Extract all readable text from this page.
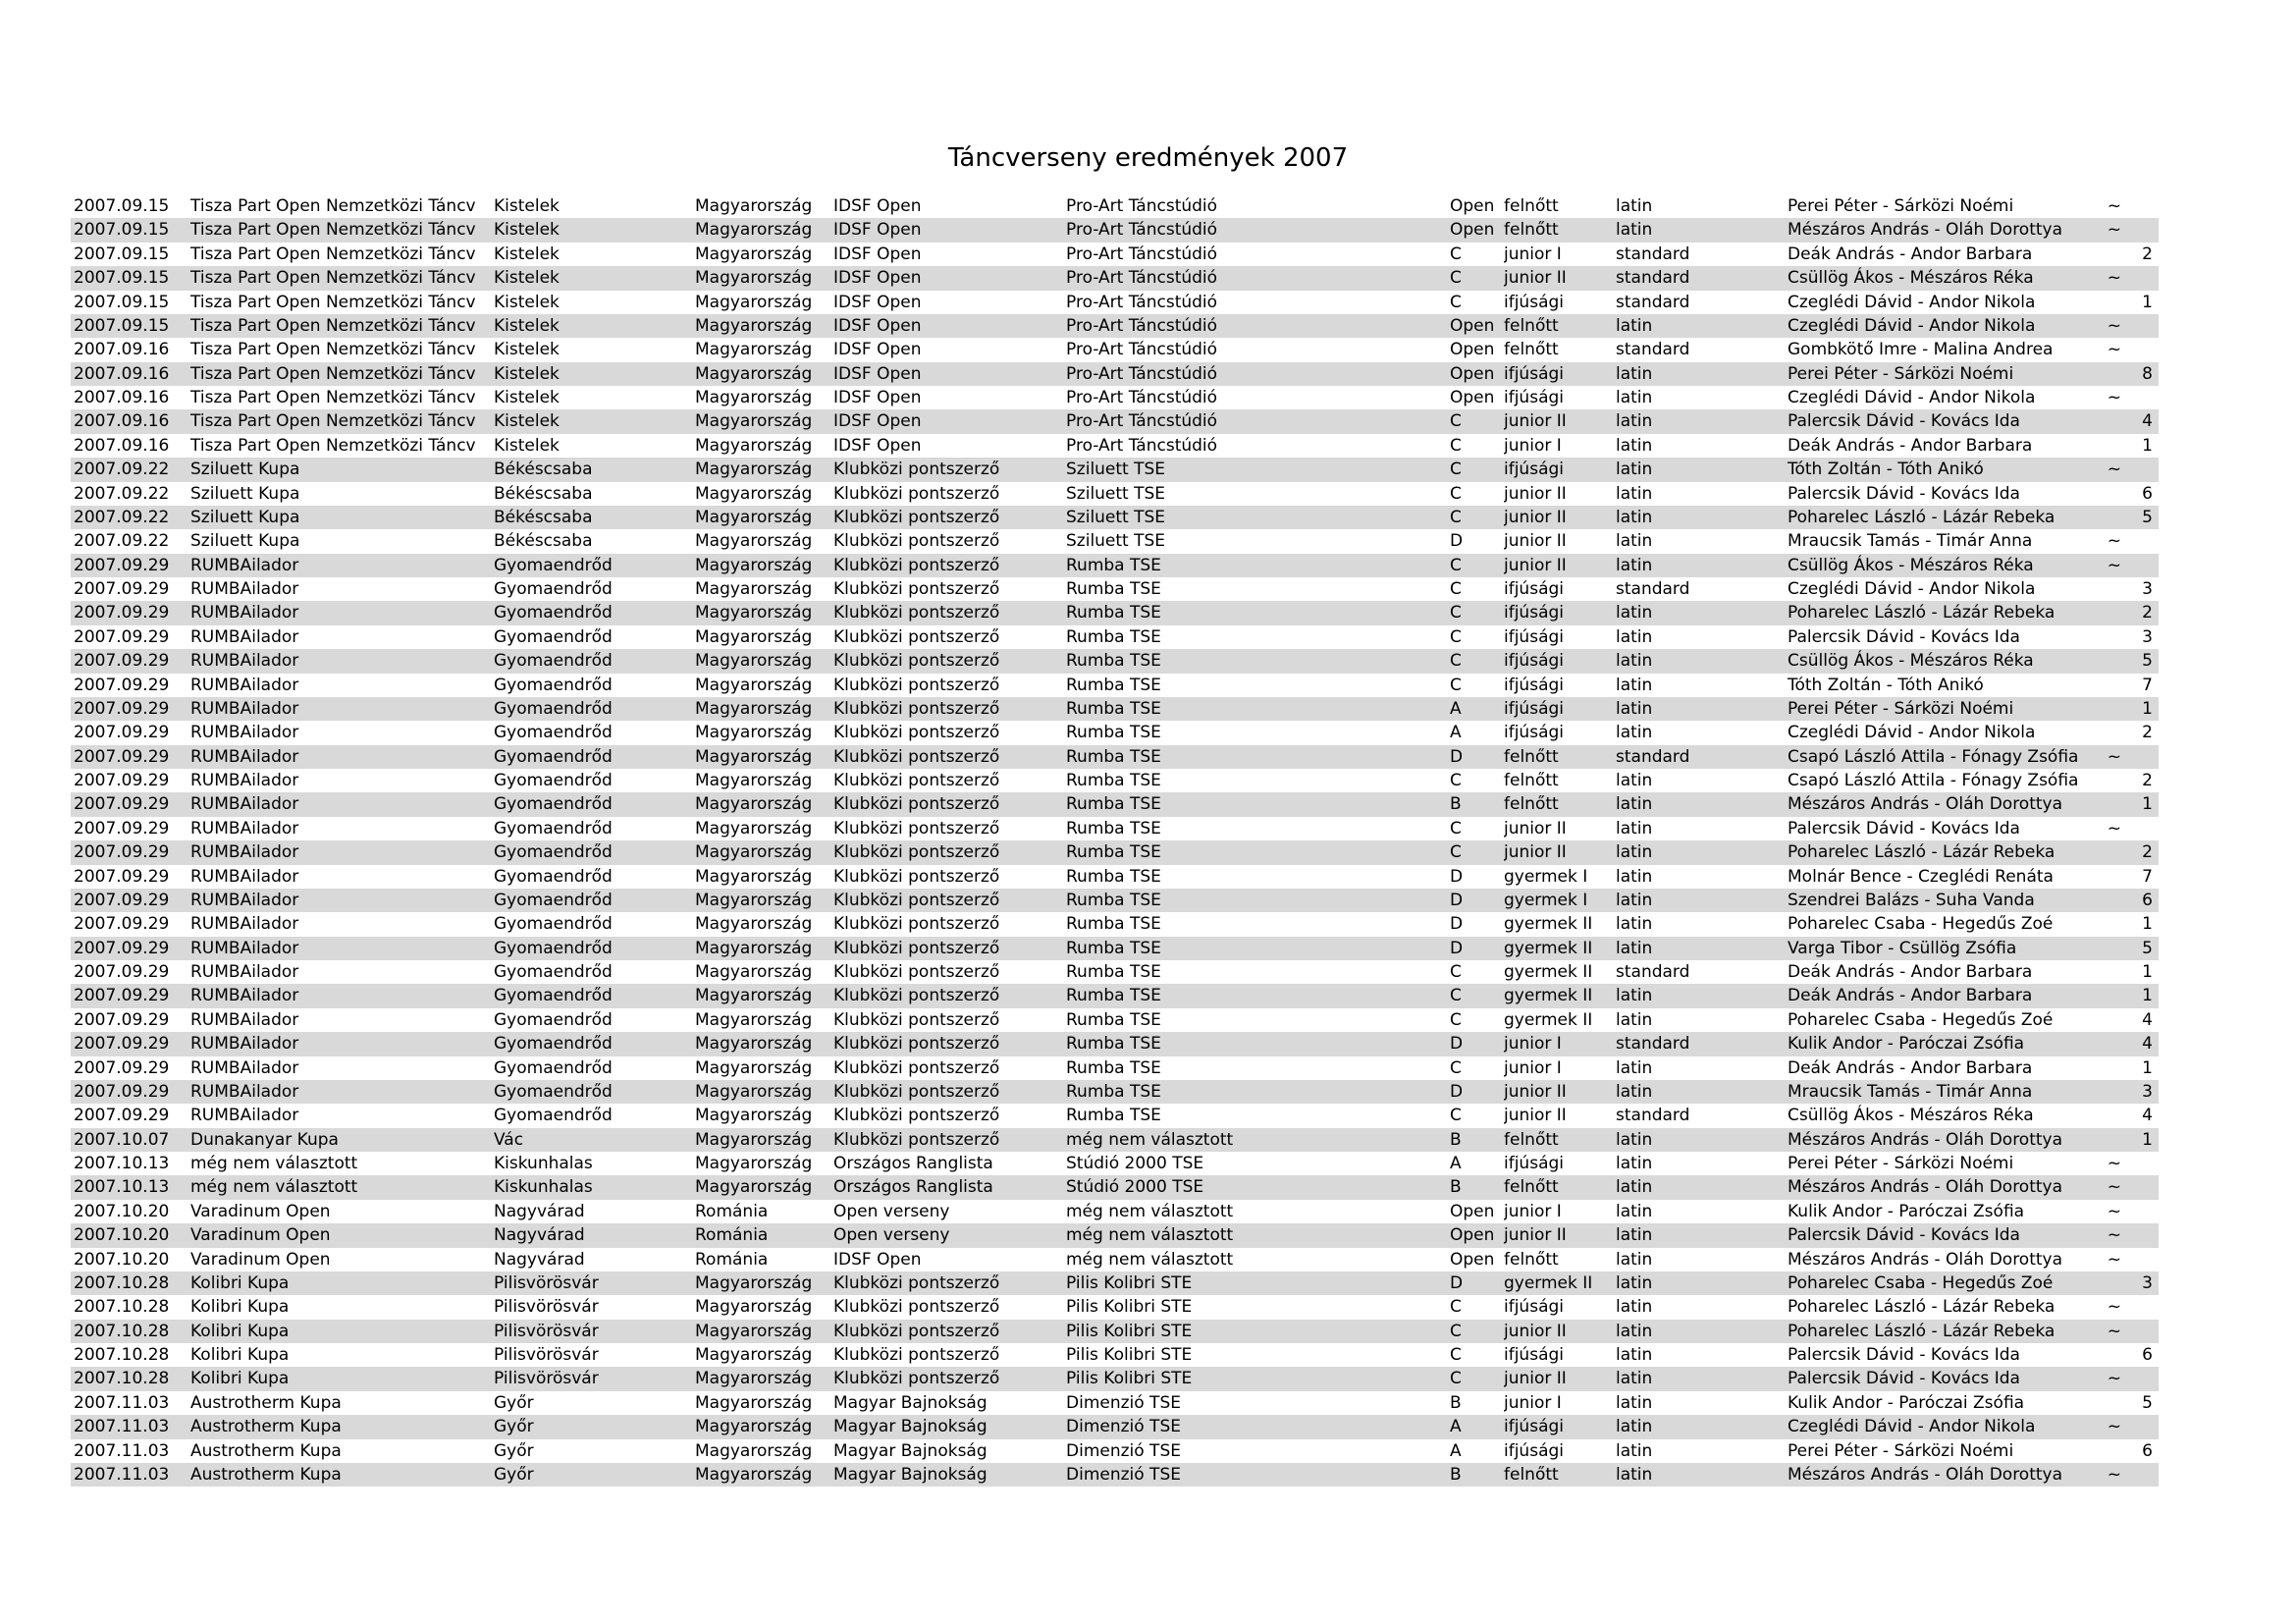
Táncverseny eredmények 2007
2007.09.15	Tisza Part Open Nemzetközi Táncv	Kistelek	Magyarország	IDSF Open	Pro-Art Táncstúdió	Open felnőtt	latin	Perei Péter - Sárközi Noémi	~
2007.09.15	Tisza Part Open Nemzetközi Táncv	Kistelek	Magyarország	IDSF Open	Pro-Art Táncstúdió	Open felnőtt	latin	Mészáros András - Oláh Dorottya	~
2007.09.15	Tisza Part Open Nemzetközi Táncv	Kistelek	Magyarország	IDSF Open	Pro-Art Táncstúdió	C	junior I	standard	Deák András - Andor Barbara	2
2007.09.15	Tisza Part Open Nemzetközi Táncv	Kistelek	Magyarország	IDSF Open	Pro-Art Táncstúdió	C	junior II	standard	Csüllög Ákos - Mészáros Réka	~
2007.09.15	Tisza Part Open Nemzetközi Táncv	Kistelek	Magyarország	IDSF Open	Pro-Art Táncstúdió	C	ifjúsági	standard	Czeglédi Dávid - Andor Nikola	1
2007.09.15	Tisza Part Open Nemzetközi Táncv	Kistelek	Magyarország	IDSF Open	Pro-Art Táncstúdió	Open felnőtt	latin	Czeglédi Dávid - Andor Nikola	~
2007.09.16	Tisza Part Open Nemzetközi Táncv	Kistelek	Magyarország	IDSF Open	Pro-Art Táncstúdió	Open felnőtt	standard	Gombkötő Imre - Malina Andrea	~
2007.09.16	Tisza Part Open Nemzetközi Táncv	Kistelek	Magyarország	IDSF Open	Pro-Art Táncstúdió	Open ifjúsági	latin	Perei Péter - Sárközi Noémi	8
2007.09.16	Tisza Part Open Nemzetközi Táncv	Kistelek	Magyarország	IDSF Open	Pro-Art Táncstúdió	Open ifjúsági	latin	Czeglédi Dávid - Andor Nikola	~
2007.09.16	Tisza Part Open Nemzetközi Táncv	Kistelek	Magyarország	IDSF Open	Pro-Art Táncstúdió	C	junior II	latin	Palercsik Dávid - Kovács Ida	4
2007.09.16	Tisza Part Open Nemzetközi Táncv	Kistelek	Magyarország	IDSF Open	Pro-Art Táncstúdió	C	junior I	latin	Deák András - Andor Barbara	1
2007.09.22	Sziluett Kupa	Békéscsaba	Magyarország	Klubközi pontszerző	Sziluett TSE	C	ifjúsági	latin	Tóth Zoltán - Tóth Anikó	~
2007.09.22	Sziluett Kupa	Békéscsaba	Magyarország	Klubközi pontszerző	Sziluett TSE	C	junior II	latin	Palercsik Dávid - Kovács Ida	6
2007.09.22	Sziluett Kupa	Békéscsaba	Magyarország	Klubközi pontszerző	Sziluett TSE	C	junior II	latin	Poharelec László - Lázár Rebeka	5
2007.09.22	Sziluett Kupa	Békéscsaba	Magyarország	Klubközi pontszerző	Sziluett TSE	D	junior II	latin	Mraucsik Tamás - Timár Anna	~
2007.09.29	RUMBAilador	Gyomaendrőd	Magyarország	Klubközi pontszerző	Rumba TSE	C	junior II	latin	Csüllög Ákos - Mészáros Réka	~
2007.09.29	RUMBAilador	Gyomaendrőd	Magyarország	Klubközi pontszerző	Rumba TSE	C	ifjúsági	standard	Czeglédi Dávid - Andor Nikola	3
2007.09.29	RUMBAilador	Gyomaendrőd	Magyarország	Klubközi pontszerző	Rumba TSE	C	ifjúsági	latin	Poharelec László - Lázár Rebeka	2
2007.09.29	RUMBAilador	Gyomaendrőd	Magyarország	Klubközi pontszerző	Rumba TSE	C	ifjúsági	latin	Palercsik Dávid - Kovács Ida	3
2007.09.29	RUMBAilador	Gyomaendrőd	Magyarország	Klubközi pontszerző	Rumba TSE	C	ifjúsági	latin	Csüllög Ákos - Mészáros Réka	5
2007.09.29	RUMBAilador	Gyomaendrőd	Magyarország	Klubközi pontszerző	Rumba TSE	C	ifjúsági	latin	Tóth Zoltán - Tóth Anikó	7
2007.09.29	RUMBAilador	Gyomaendrőd	Magyarország	Klubközi pontszerző	Rumba TSE	A	ifjúsági	latin	Perei Péter - Sárközi Noémi	1
2007.09.29	RUMBAilador	Gyomaendrőd	Magyarország	Klubközi pontszerző	Rumba TSE	A	ifjúsági	latin	Czeglédi Dávid - Andor Nikola	2
2007.09.29	RUMBAilador	Gyomaendrőd	Magyarország	Klubközi pontszerző	Rumba TSE	D	felnőtt	standard	Csapó László Attila - Fónagy Zsófia	~
2007.09.29	RUMBAilador	Gyomaendrőd	Magyarország	Klubközi pontszerző	Rumba TSE	C	felnőtt	latin	Csapó László Attila - Fónagy Zsófia	2
2007.09.29	RUMBAilador	Gyomaendrőd	Magyarország	Klubközi pontszerző	Rumba TSE	B	felnőtt	latin	Mészáros András - Oláh Dorottya	1
2007.09.29	RUMBAilador	Gyomaendrőd	Magyarország	Klubközi pontszerző	Rumba TSE	C	junior II	latin	Palercsik Dávid - Kovács Ida	~
2007.09.29	RUMBAilador	Gyomaendrőd	Magyarország	Klubközi pontszerző	Rumba TSE	C	junior II	latin	Poharelec László - Lázár Rebeka	2
2007.09.29	RUMBAilador	Gyomaendrőd	Magyarország	Klubközi pontszerző	Rumba TSE	D	gyermek I	latin	Molnár Bence - Czeglédi Renáta	7
2007.09.29	RUMBAilador	Gyomaendrőd	Magyarország	Klubközi pontszerző	Rumba TSE	D	gyermek I	latin	Szendrei Balázs - Suha Vanda	6
2007.09.29	RUMBAilador	Gyomaendrőd	Magyarország	Klubközi pontszerző	Rumba TSE	D	gyermek II	latin	Poharelec Csaba - Hegedűs Zoé	1
2007.09.29	RUMBAilador	Gyomaendrőd	Magyarország	Klubközi pontszerző	Rumba TSE	D	gyermek II	latin	Varga Tibor - Csüllög Zsófia	5
2007.09.29	RUMBAilador	Gyomaendrőd	Magyarország	Klubközi pontszerző	Rumba TSE	C	gyermek II	standard	Deák András - Andor Barbara	1
2007.09.29	RUMBAilador	Gyomaendrőd	Magyarország	Klubközi pontszerző	Rumba TSE	C	gyermek II	latin	Deák András - Andor Barbara	1
2007.09.29	RUMBAilador	Gyomaendrőd	Magyarország	Klubközi pontszerző	Rumba TSE	C	gyermek II	latin	Poharelec Csaba - Hegedűs Zoé	4
2007.09.29	RUMBAilador	Gyomaendrőd	Magyarország	Klubközi pontszerző	Rumba TSE	D	junior I	standard	Kulik Andor - Paróczai Zsófia	4
2007.09.29	RUMBAilador	Gyomaendrőd	Magyarország	Klubközi pontszerző	Rumba TSE	C	junior I	latin	Deák András - Andor Barbara	1
2007.09.29	RUMBAilador	Gyomaendrőd	Magyarország	Klubközi pontszerző	Rumba TSE	D	junior II	latin	Mraucsik Tamás - Timár Anna	3
2007.09.29	RUMBAilador	Gyomaendrőd	Magyarország	Klubközi pontszerző	Rumba TSE	C	junior II	standard	Csüllög Ákos - Mészáros Réka	4
2007.10.07	Dunakanyar Kupa	Vác	Magyarország	Klubközi pontszerző	még nem választott	B	felnőtt	latin	Mészáros András - Oláh Dorottya	1
2007.10.13	még nem választott	Kiskunhalas	Magyarország	Országos Ranglista	Stúdió 2000 TSE	A	ifjúsági	latin	Perei Péter - Sárközi Noémi	~
2007.10.13	még nem választott	Kiskunhalas	Magyarország	Országos Ranglista	Stúdió 2000 TSE	B	felnőtt	latin	Mészáros András - Oláh Dorottya	~
2007.10.20	Varadinum Open	Nagyvárad	Románia	Open verseny	még nem választott	Open junior I	latin	Kulik Andor - Paróczai Zsófia	~
2007.10.20	Varadinum Open	Nagyvárad	Románia	Open verseny	még nem választott	Open junior II	latin	Palercsik Dávid - Kovács Ida	~
2007.10.20	Varadinum Open	Nagyvárad	Románia	IDSF Open	még nem választott	Open felnőtt	latin	Mészáros András - Oláh Dorottya	~
2007.10.28	Kolibri Kupa	Pilisvörösvár	Magyarország	Klubközi pontszerző	Pilis Kolibri STE	D	gyermek II	latin	Poharelec Csaba - Hegedűs Zoé	3
2007.10.28	Kolibri Kupa	Pilisvörösvár	Magyarország	Klubközi pontszerző	Pilis Kolibri STE	C	ifjúsági	latin	Poharelec László - Lázár Rebeka	~
2007.10.28	Kolibri Kupa	Pilisvörösvár	Magyarország	Klubközi pontszerző	Pilis Kolibri STE	C	junior II	latin	Poharelec László - Lázár Rebeka	~
2007.10.28	Kolibri Kupa	Pilisvörösvár	Magyarország	Klubközi pontszerző	Pilis Kolibri STE	C	ifjúsági	latin	Palercsik Dávid - Kovács Ida	6
2007.10.28	Kolibri Kupa	Pilisvörösvár	Magyarország	Klubközi pontszerző	Pilis Kolibri STE	C	junior II	latin	Palercsik Dávid - Kovács Ida	~
2007.11.03	Austrotherm Kupa	Győr	Magyarország	Magyar Bajnokság	Dimenzió TSE	B	junior I	latin	Kulik Andor - Paróczai Zsófia	5
2007.11.03	Austrotherm Kupa	Győr	Magyarország	Magyar Bajnokság	Dimenzió TSE	A	ifjúsági	latin	Czeglédi Dávid - Andor Nikola	~
2007.11.03	Austrotherm Kupa	Győr	Magyarország	Magyar Bajnokság	Dimenzió TSE	A	ifjúsági	latin	Perei Péter - Sárközi Noémi	6
2007.11.03	Austrotherm Kupa	Győr	Magyarország	Magyar Bajnokság	Dimenzió TSE	B	felnőtt	latin	Mészáros András - Oláh Dorottya	~
